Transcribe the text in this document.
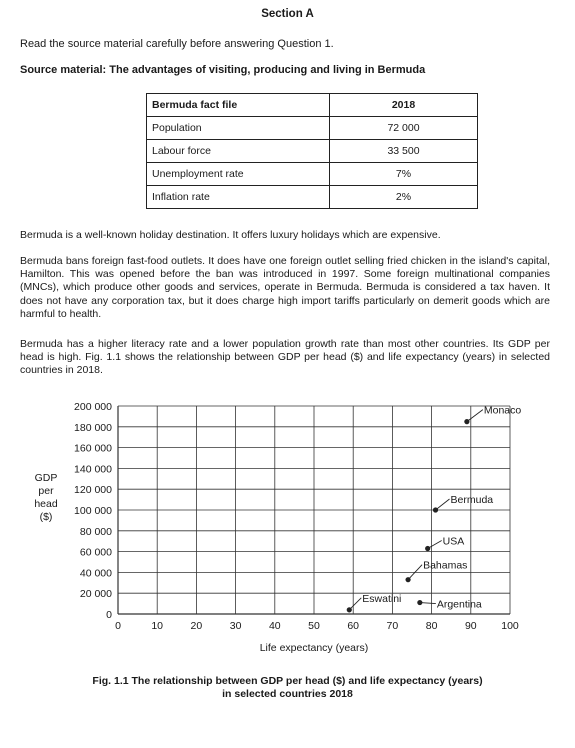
Section A
Read the source material carefully before answering Question 1.
Source material: The advantages of visiting, producing and living in Bermuda
Bermuda fact file	2018
Population	72 000
Labour force	33 500
Unemployment rate	7%
Inflation rate	2%
Bermuda is a well-known holiday destination. It offers luxury holidays which are expensive.
Bermuda bans foreign fast-food outlets. It does have one foreign outlet selling fried chicken in the island's capital, Hamilton. This was opened before the ban was introduced in 1997. Some foreign multinational companies (MNCs), which produce other goods and services, operate in Bermuda. Bermuda is considered a tax haven. It does not have any corporation tax, but it does charge high import tariffs particularly on demerit goods which are harmful to health.
Bermuda has a higher literacy rate and a lower population growth rate than most other countries. Its GDP per head is high. Fig. 1.1 shows the relationship between GDP per head ($) and life expectancy (years) in selected countries in 2018.
0	10	20	30	40	50	60	70	80	90 100
0
20 000
40 000
60 000
80 000
100 000
120 000
140 000
160 000
180 000
200 000
Life expectancy (years)
GDP
per
head
($)
Monaco
Bermuda
USA
Bahamas
Eswatini	Argentina
Fig. 1.1 The relationship between GDP per head ($) and life expectancy (years)
in selected countries 2018
